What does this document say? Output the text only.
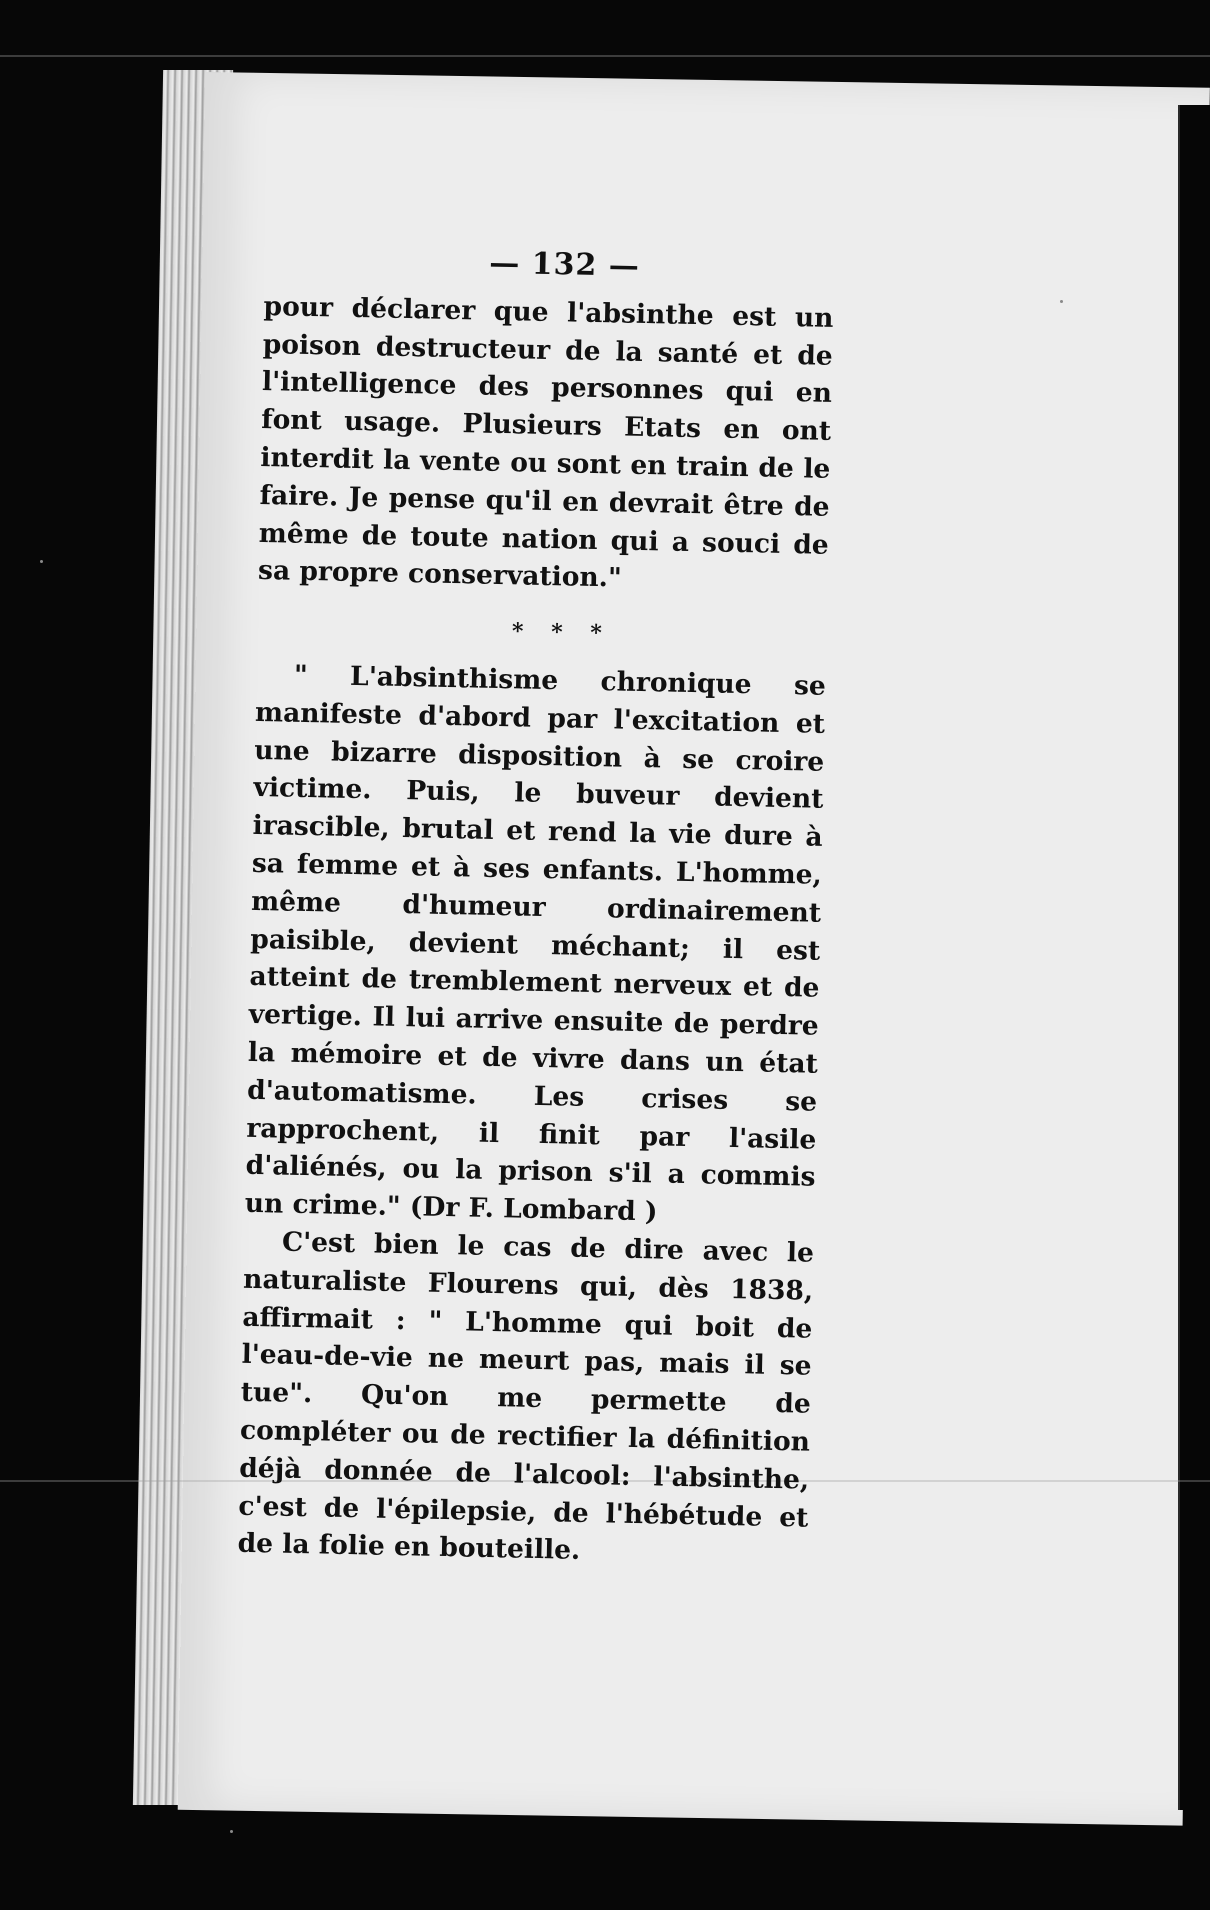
— 132 —

pour déclarer que l'absinthe est un poison destructeur de la santé et de l'intelligence des personnes qui en font usage. Plusieurs Etats en ont interdit la vente ou sont en train de le faire. Je pense qu'il en devrait être de même de toute nation qui a souci de sa propre conservation."

* * *

" L'absinthisme chronique se manifeste d'abord par l'excitation et une bizarre disposition à se croire victime. Puis, le buveur devient irascible, brutal et rend la vie dure à sa femme et à ses enfants. L'homme, même d'humeur ordinairement paisible, devient méchant; il est atteint de tremblement nerveux et de vertige. Il lui arrive ensuite de perdre la mémoire et de vivre dans un état d'automatisme. Les crises se rapprochent, il finit par l'asile d'aliénés, ou la prison s'il a commis un crime." (Dr F. Lombard )

C'est bien le cas de dire avec le naturaliste Flourens qui, dès 1838, affirmait : " L'homme qui boit de l'eau-de-vie ne meurt pas, mais il se tue". Qu'on me permette de compléter ou de rectifier la définition déjà donnée de l'alcool: l'absinthe, c'est de l'épilepsie, de l'hébétude et de la folie en bouteille.
